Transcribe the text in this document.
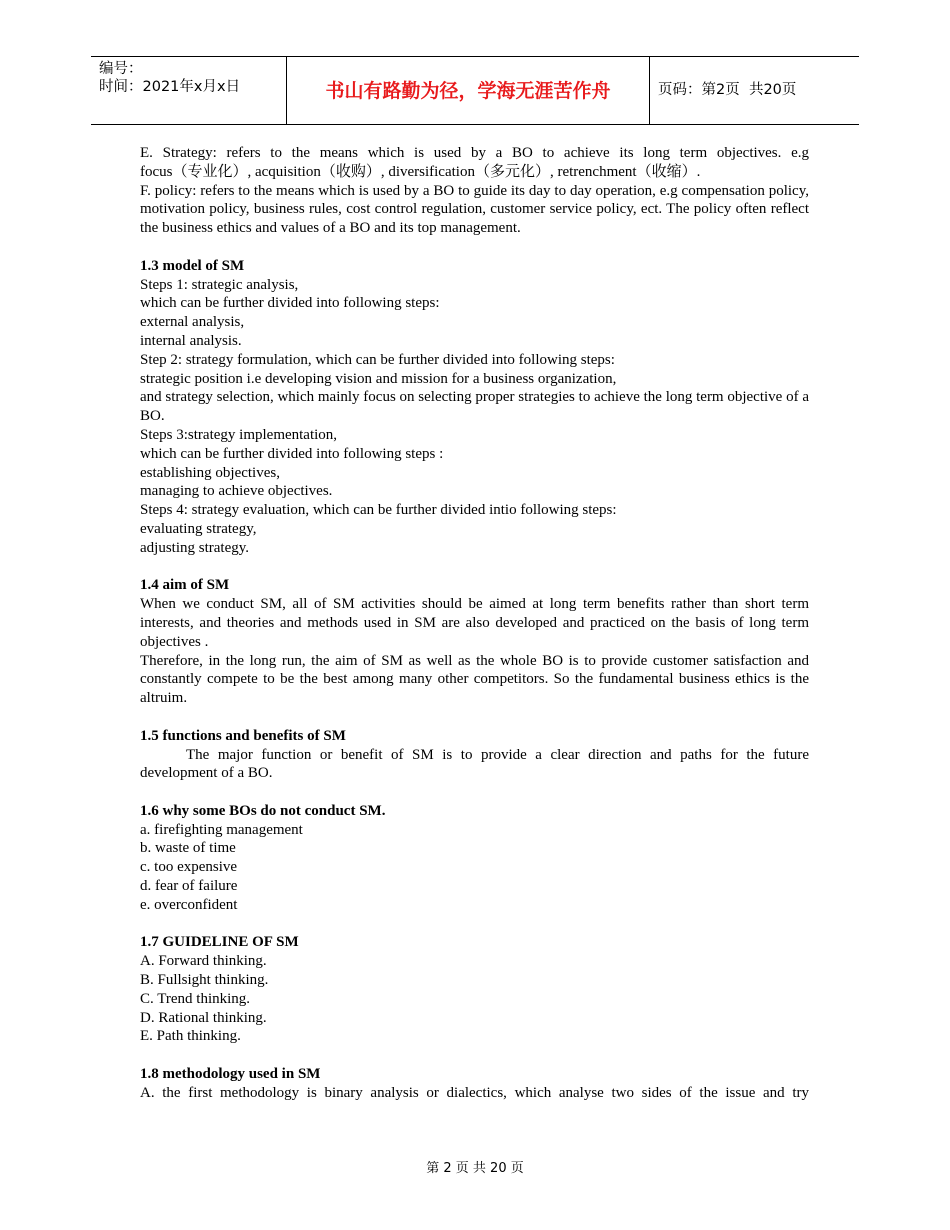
编号：
时间：2021年x月x日	书山有路勤为径，学海无涯苦作舟	页码：第2页  共20页

E. Strategy: refers to the means which is used by a BO to achieve its long term objectives. e.g

focus（专业化）, acquisition（收购）, diversification（多元化）, retrenchment（收缩）.

F. policy: refers to the means which is used by a BO to guide its day to day operation, e.g compensation policy, motivation policy, business rules, cost control regulation, customer service policy, ect. The policy often reflect the business ethics and values of a BO and its top management.

1.3 model of SM

Steps 1: strategic analysis,

which can be further divided into following steps:

external analysis,

internal analysis.

Step 2: strategy formulation, which can be further divided into following steps:

strategic position i.e developing vision and mission for a business organization,

and strategy selection, which mainly focus on selecting proper strategies to achieve the long term objective of a BO.

Steps 3:strategy implementation,

which can be further divided into following steps :

establishing objectives,

managing to achieve objectives.

Steps 4: strategy evaluation, which can be further divided intio following steps:

evaluating strategy,

adjusting strategy.

1.4 aim of SM

When we conduct SM, all of SM activities should be aimed at long term benefits rather than short term interests, and theories and methods used in SM are also developed and practiced on the basis of long term objectives .

Therefore, in the long run, the aim of SM as well as the whole BO is to provide customer satisfaction and constantly compete to be the best among many other competitors. So the fundamental business ethics is the altruim.

1.5 functions and benefits of SM

The major function or benefit of SM is to provide a clear direction and paths for the future development of a BO.

1.6 why some BOs do not conduct SM.

a. firefighting management

b. waste of time

c. too expensive

d. fear of failure

e. overconfident

1.7 GUIDELINE OF SM

A. Forward thinking.

B. Fullsight thinking.

C. Trend thinking.

D. Rational thinking.

E. Path thinking.

1.8 methodology used in SM

A. the first methodology is binary analysis or dialectics, which analyse two sides of the issue and try

第 2 页 共 20 页
